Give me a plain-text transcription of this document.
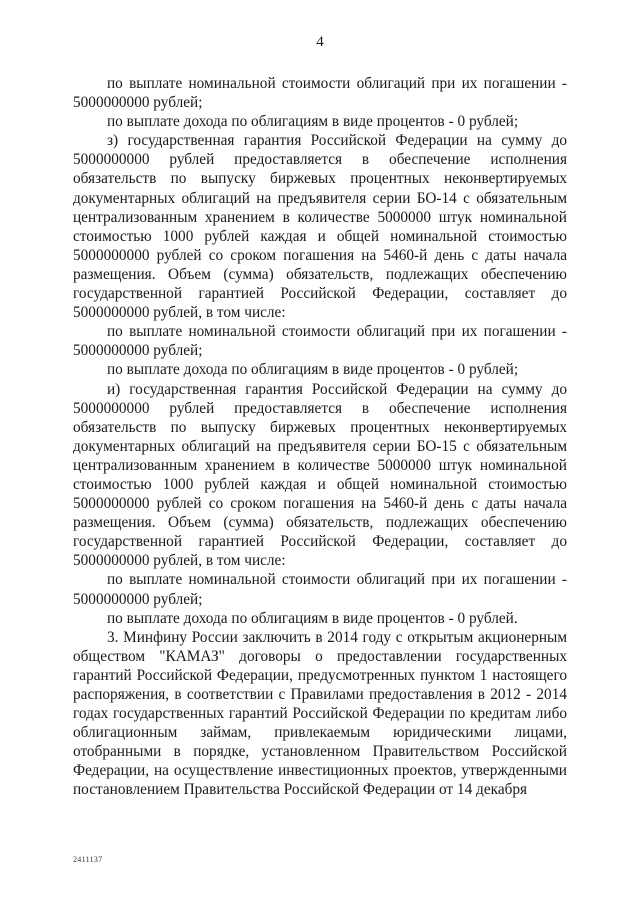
4

по выплате номинальной стоимости облигаций при их погашении - 5000000000 рублей;

по выплате дохода по облигациям в виде процентов - 0 рублей;

з) государственная гарантия Российской Федерации на сумму до 5000000000 рублей предоставляется в обеспечение исполнения обязательств по выпуску биржевых процентных неконвертируемых документарных облигаций на предъявителя серии БО-14 с обязательным централизованным хранением в количестве 5000000 штук номинальной стоимостью 1000 рублей каждая и общей номинальной стоимостью 5000000000 рублей со сроком погашения на 5460-й день с даты начала размещения. Объем (сумма) обязательств, подлежащих обеспечению государственной гарантией Российской Федерации, составляет до 5000000000 рублей, в том числе:

по выплате номинальной стоимости облигаций при их погашении - 5000000000 рублей;

по выплате дохода по облигациям в виде процентов - 0 рублей;

и) государственная гарантия Российской Федерации на сумму до 5000000000 рублей предоставляется в обеспечение исполнения обязательств по выпуску биржевых процентных неконвертируемых документарных облигаций на предъявителя серии БО-15 с обязательным централизованным хранением в количестве 5000000 штук номинальной стоимостью 1000 рублей каждая и общей номинальной стоимостью 5000000000 рублей со сроком погашения на 5460-й день с даты начала размещения. Объем (сумма) обязательств, подлежащих обеспечению государственной гарантией Российской Федерации, составляет до 5000000000 рублей, в том числе:

по выплате номинальной стоимости облигаций при их погашении - 5000000000 рублей;

по выплате дохода по облигациям в виде процентов - 0 рублей.

3. Минфину России заключить в 2014 году с открытым акционерным обществом "КАМАЗ" договоры о предоставлении государственных гарантий Российской Федерации, предусмотренных пунктом 1 настоящего распоряжения, в соответствии с Правилами предоставления в 2012 - 2014 годах государственных гарантий Российской Федерации по кредитам либо облигационным займам, привлекаемым юридическими лицами, отобранными в порядке, установленном Правительством Российской Федерации, на осуществление инвестиционных проектов, утвержденными постановлением Правительства Российской Федерации от 14 декабря

2411137
